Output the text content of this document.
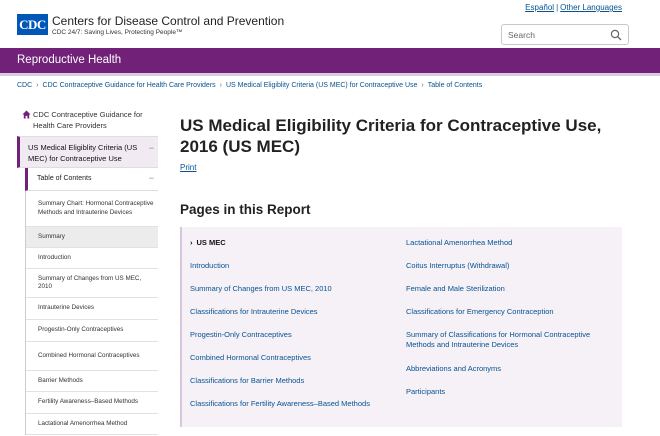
CDC Centers for Disease Control and Prevention
CDC 24/7: Saving Lives, Protecting People™
Español | Other Languages
Search
Reproductive Health
CDC › CDC Contraceptive Guidance for Health Care Providers › US Medical Eligiblity Criteria (US MEC) for Contraceptive Use › Table of Contents
CDC Contraceptive Guidance for Health Care Providers
US Medical Eligiblity Criteria (US MEC) for Contraceptive Use
−
Table of Contents	−
Summary Chart: Hormonal Contraceptive Methods and Intrauterine Devices
Summary
Introduction
Summary of Changes from US MEC, 2010
Intrauterine Devices
Progestin-Only Contraceptives
Combined Hormonal Contraceptives
Barrier Methods
Fertility Awareness–Based Methods
Lactational Amenorrhea Method
US Medical Eligibility Criteria for Contraceptive Use, 2016 (US MEC)
Print
Pages in this Report
› US MEC
Introduction
Summary of Changes from US MEC, 2010
Classifications for Intrauterine Devices
Progestin-Only Contraceptives
Combined Hormonal Contraceptives
Classifications for Barrier Methods
Classifications for Fertility Awareness–Based Methods
Lactational Amenorrhea Method
Coitus Interruptus (Withdrawal)
Female and Male Sterilization
Classifications for Emergency Contraception
Summary of Classifications for Hormonal Contraceptive Methods and Intrauterine Devices
Abbreviations and Acronyms
Participants
